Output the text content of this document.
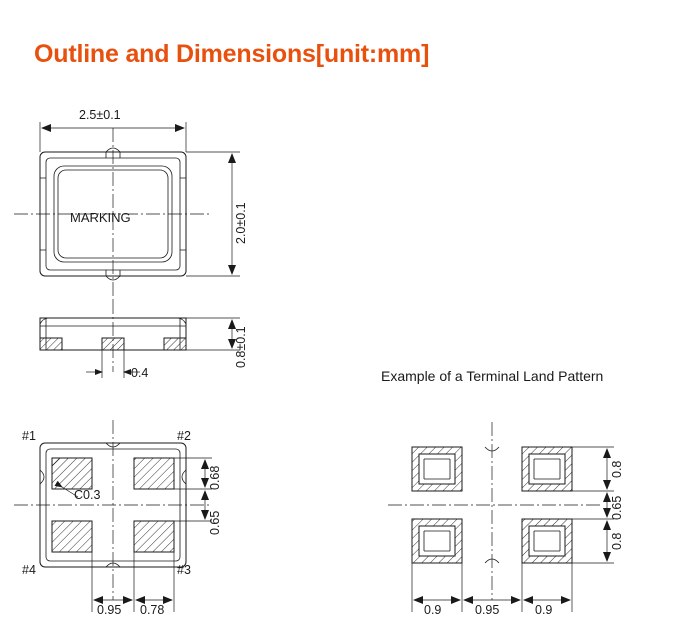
Outline and Dimensions[unit:mm]
MARKING
2.5±0.1
2.0±0.1
0.8±0.1
0.4	Example of a Terminal Land Pattern
#1	#2
#3
#4
C0.3
0.68
0.65
0.95 0.78
0.8
0.65
0.8
0.9	0.95	0.9
